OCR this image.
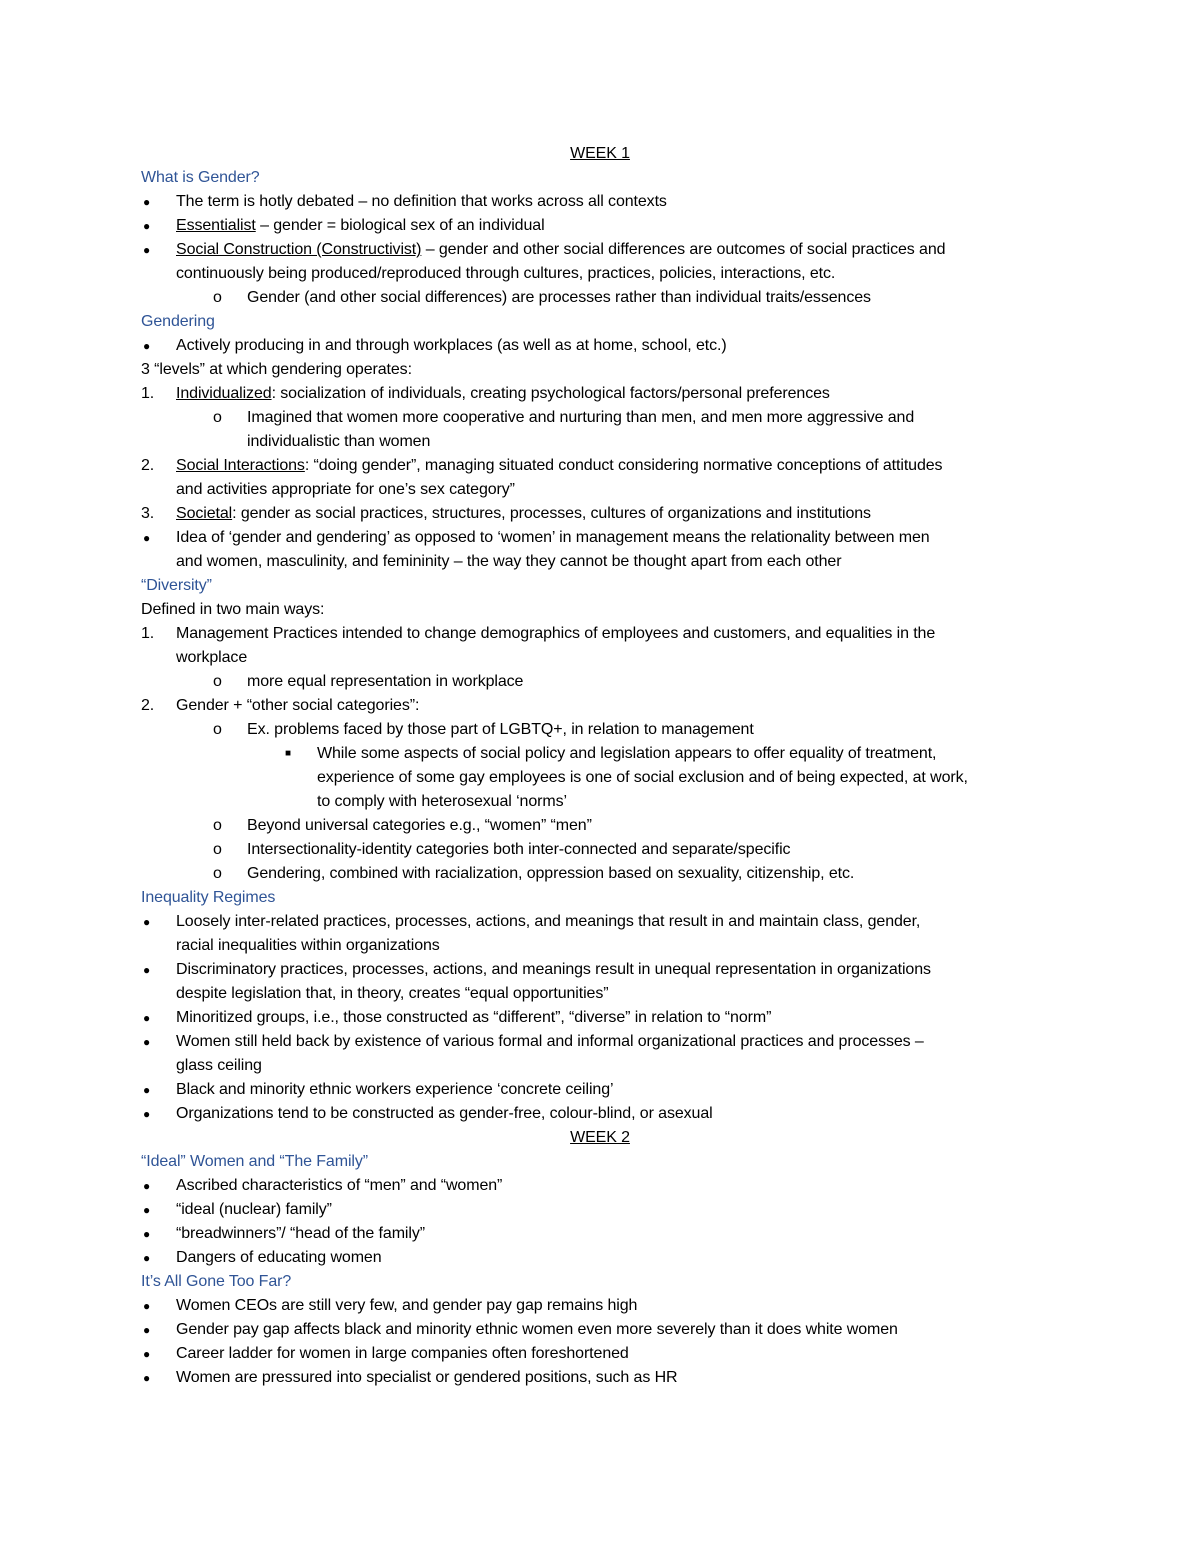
WEEK 1
What is Gender?
● The term is hotly debated – no definition that works across all contexts
● Essentialist – gender = biological sex of an individual
● Social Construction (Constructivist) – gender and other social differences are outcomes of social practices and
continuously being produced/reproduced through cultures, practices, policies, interactions, etc.
o Gender (and other social differences) are processes rather than individual traits/essences
Gendering
● Actively producing in and through workplaces (as well as at home, school, etc.)
3 “levels” at which gendering operates:
1. Individualized: socialization of individuals, creating psychological factors/personal preferences
o Imagined that women more cooperative and nurturing than men, and men more aggressive and
individualistic than women
2. Social Interactions: “doing gender”, managing situated conduct considering normative conceptions of attitudes
and activities appropriate for one’s sex category”
3. Societal: gender as social practices, structures, processes, cultures of organizations and institutions
● Idea of ‘gender and gendering’ as opposed to ‘women’ in management means the relationality between men
and women, masculinity, and femininity – the way they cannot be thought apart from each other
“Diversity”
Defined in two main ways:
1. Management Practices intended to change demographics of employees and customers, and equalities in the
workplace
o more equal representation in workplace
2. Gender + “other social categories”:
o Ex. problems faced by those part of LGBTQ+, in relation to management
■ While some aspects of social policy and legislation appears to offer equality of treatment,
experience of some gay employees is one of social exclusion and of being expected, at work,
to comply with heterosexual ‘norms’
o Beyond universal categories e.g., “women” “men”
o Intersectionality-identity categories both inter-connected and separate/specific
o Gendering, combined with racialization, oppression based on sexuality, citizenship, etc.
Inequality Regimes
● Loosely inter-related practices, processes, actions, and meanings that result in and maintain class, gender,
racial inequalities within organizations
● Discriminatory practices, processes, actions, and meanings result in unequal representation in organizations
despite legislation that, in theory, creates “equal opportunities”
● Minoritized groups, i.e., those constructed as “different”, “diverse” in relation to “norm”
● Women still held back by existence of various formal and informal organizational practices and processes –
glass ceiling
● Black and minority ethnic workers experience ‘concrete ceiling’
● Organizations tend to be constructed as gender-free, colour-blind, or asexual
WEEK 2
“Ideal” Women and “The Family”
● Ascribed characteristics of “men” and “women”
● “ideal (nuclear) family”
● “breadwinners”/ “head of the family”
● Dangers of educating women
It’s All Gone Too Far?
● Women CEOs are still very few, and gender pay gap remains high
● Gender pay gap affects black and minority ethnic women even more severely than it does white women
● Career ladder for women in large companies often foreshortened
● Women are pressured into specialist or gendered positions, such as HR
